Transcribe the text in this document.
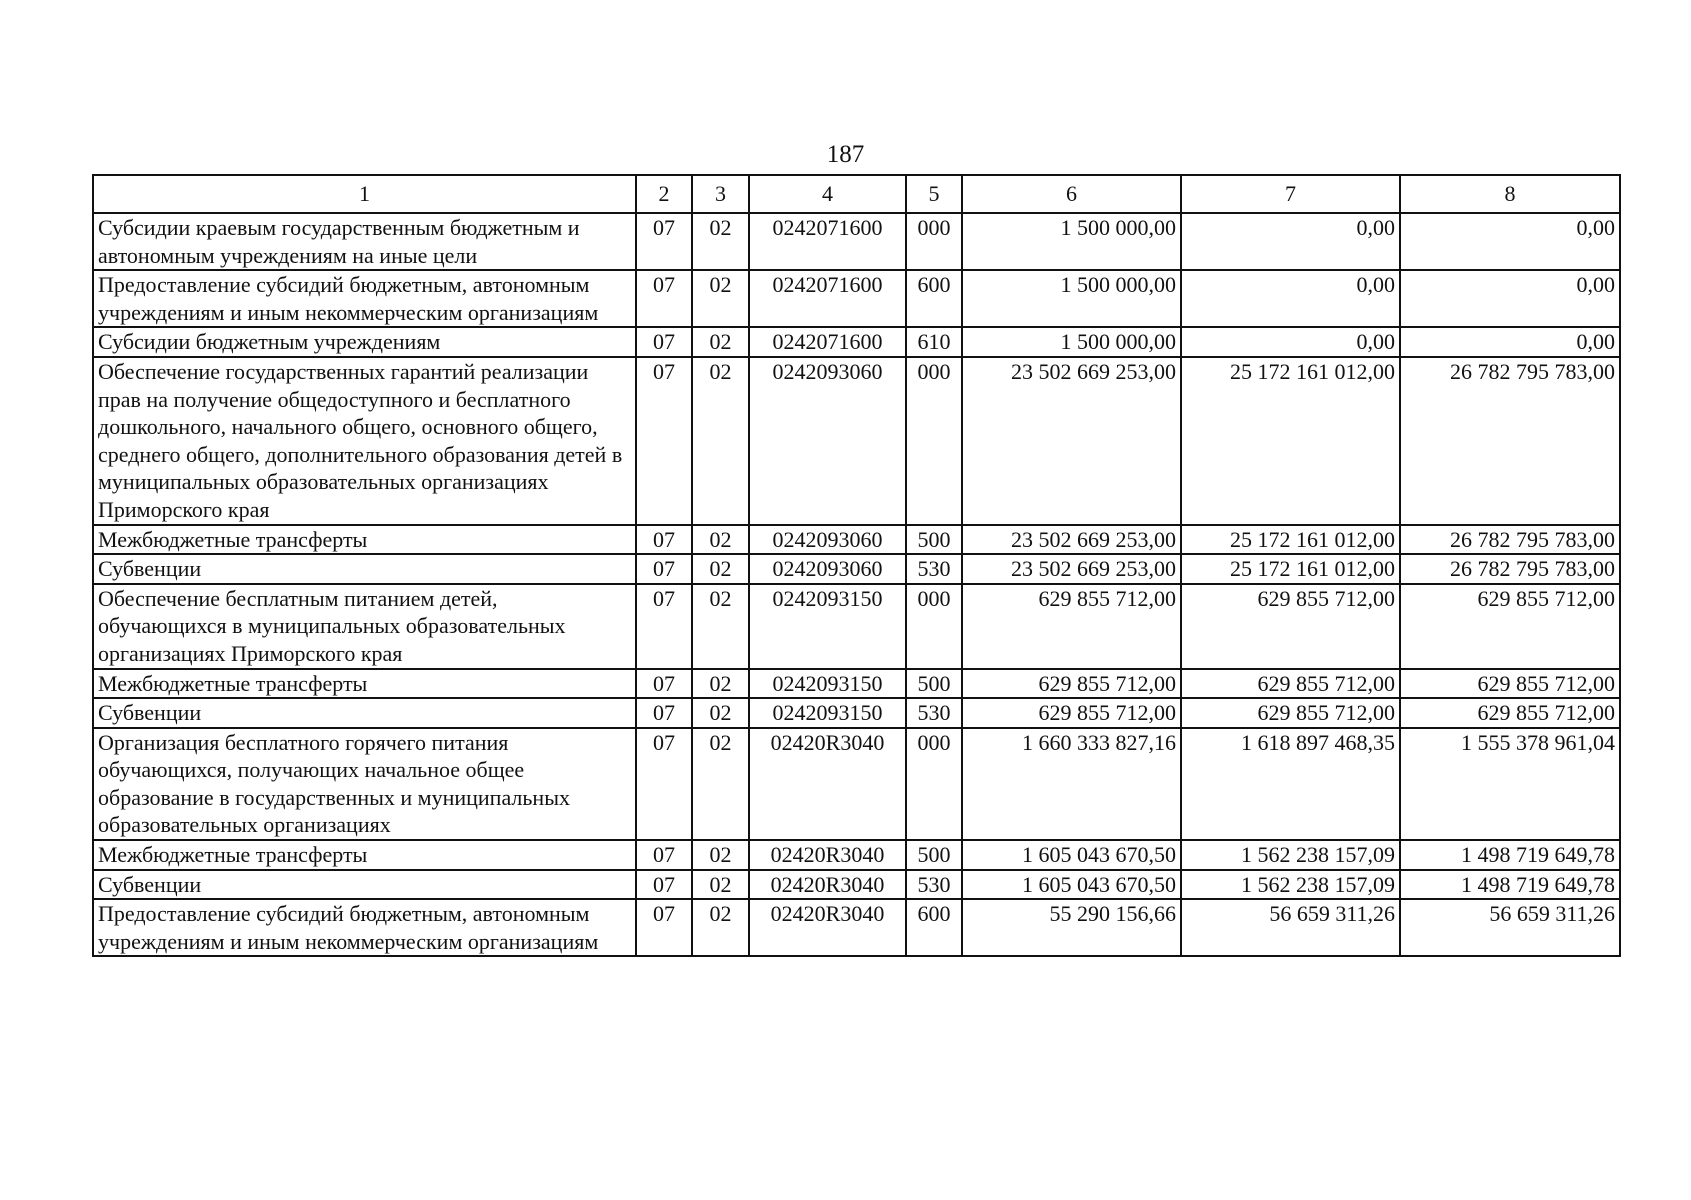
187
1	2	3	4	5	6	7	8
Субсидии краевым государственным бюджетным и автономным учреждениям на иные цели	07	02	0242071600	000	1 500 000,00	0,00	0,00
Предоставление субсидий бюджетным, автономным учреждениям и иным некоммерческим организациям	07	02	0242071600	600	1 500 000,00	0,00	0,00
Субсидии бюджетным учреждениям	07	02	0242071600	610	1 500 000,00	0,00	0,00
Обеспечение государственных гарантий реализации прав на получение общедоступного и бесплатного дошкольного, начального общего, основного общего, среднего общего, дополнительного образования детей в муниципальных образовательных организациях Приморского края	07	02	0242093060	000	23 502 669 253,00	25 172 161 012,00	26 782 795 783,00
Межбюджетные трансферты	07	02	0242093060	500	23 502 669 253,00	25 172 161 012,00	26 782 795 783,00
Субвенции	07	02	0242093060	530	23 502 669 253,00	25 172 161 012,00	26 782 795 783,00
Обеспечение бесплатным питанием детей, обучающихся в муниципальных образовательных организациях Приморского края	07	02	0242093150	000	629 855 712,00	629 855 712,00	629 855 712,00
Межбюджетные трансферты	07	02	0242093150	500	629 855 712,00	629 855 712,00	629 855 712,00
Субвенции	07	02	0242093150	530	629 855 712,00	629 855 712,00	629 855 712,00
Организация бесплатного горячего питания обучающихся, получающих начальное общее образование в государственных и муниципальных образовательных организациях	07	02	02420R3040	000	1 660 333 827,16	1 618 897 468,35	1 555 378 961,04
Межбюджетные трансферты	07	02	02420R3040	500	1 605 043 670,50	1 562 238 157,09	1 498 719 649,78
Субвенции	07	02	02420R3040	530	1 605 043 670,50	1 562 238 157,09	1 498 719 649,78
Предоставление субсидий бюджетным, автономным учреждениям и иным некоммерческим организациям	07	02	02420R3040	600	55 290 156,66	56 659 311,26	56 659 311,26
